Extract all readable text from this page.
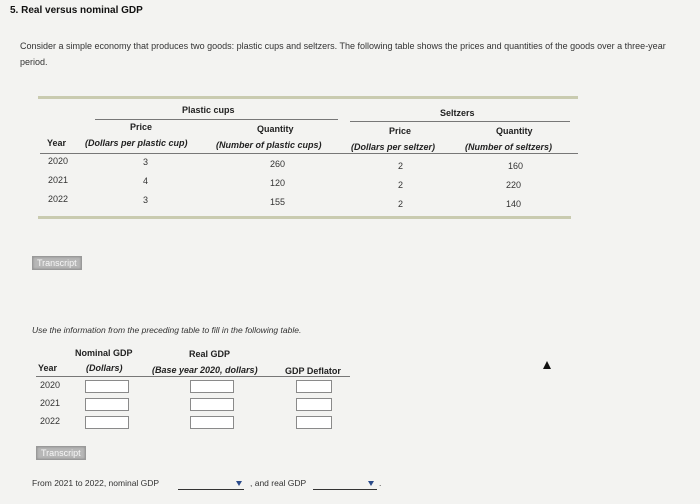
5. Real versus nominal GDP
Consider a simple economy that produces two goods: plastic cups and seltzers. The following table shows the prices and quantities of the goods over a three-year period.
Plastic cups	Seltzers
Price	Quantity	Price	Quantity
Year (Dollars per plastic cup)	(Number of plastic cups)	(Dollars per seltzer)	(Number of seltzers)
2020	3	260	2	160
2021	4	120	2	220
2022	3	155	2	140
Transcript
Use the information from the preceding table to fill in the following table.
Nominal GDP	Real GDP
Year	(Dollars)	(Base year 2020, dollars)	GDP Deflator
2020
2021
2022
Transcript
From 2021 to 2022, nominal GDP	, and real GDP	.
